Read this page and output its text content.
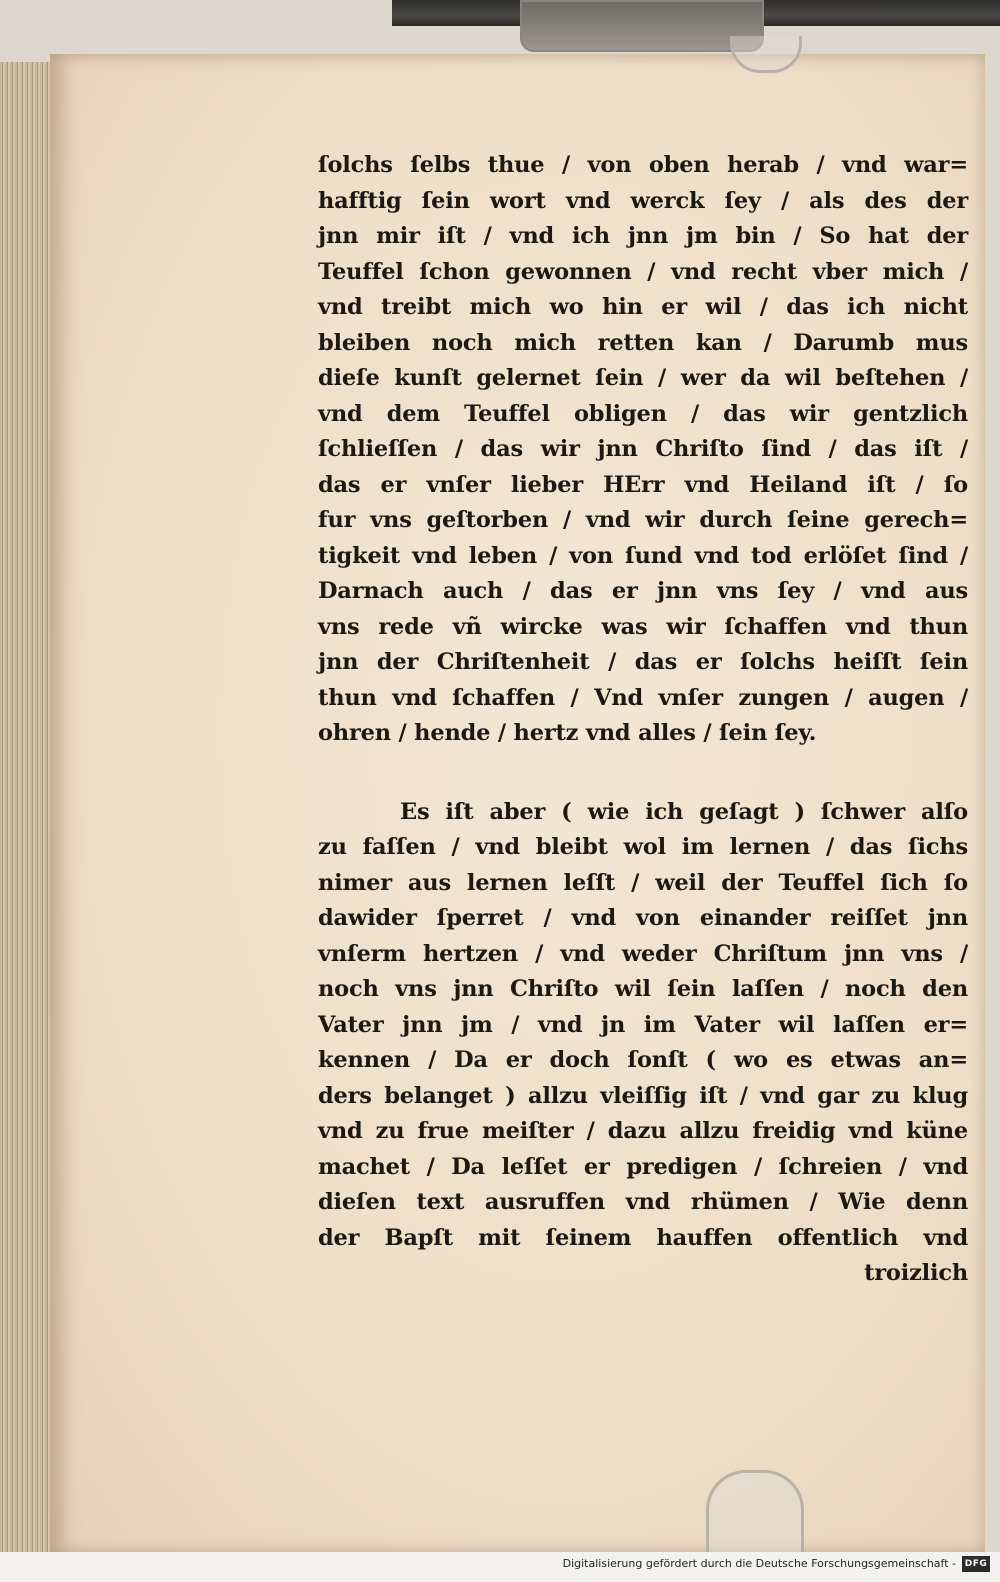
ſolchs ſelbs thue / von oben herab / vnd war=
hafftig ſein wort vnd werck ſey / als des der
jnn mir iſt / vnd ich jnn jm bin / So hat der
Teuffel ſchon gewonnen / vnd recht vber mich /
vnd treibt mich wo hin er wil / das ich nicht
bleiben noch mich retten kan / Darumb mus
dieſe kunſt gelernet ſein / wer da wil beſtehen /
vnd dem Teuffel obligen / das wir gentzlich
ſchlieſſen / das wir jnn Chriſto ſind / das iſt /
das er vnſer lieber HErr vnd Heiland iſt / ſo
fur vns geſtorben / vnd wir durch ſeine gerech=
tigkeit vnd leben / von ſund vnd tod erlöſet ſind /
Darnach auch / das er jnn vns ſey / vnd aus
vns rede vñ wircke was wir ſchaffen vnd thun
jnn der Chriſtenheit / das er ſolchs heiſſt ſein
thun vnd ſchaffen / Vnd vnſer zungen / augen /
ohren / hende / hertz vnd alles / ſein ſey.
Es iſt aber ( wie ich geſagt ) ſchwer alſo
zu faſſen / vnd bleibt wol im lernen / das ſichs
nimer aus lernen leſſt / weil der Teuffel ſich ſo
dawider ſperret / vnd von einander reiſſet jnn
vnſerm hertzen / vnd weder Chriſtum jnn vns /
noch vns jnn Chriſto wil ſein laſſen / noch den
Vater jnn jm / vnd jn im Vater wil laſſen er=
kennen / Da er doch ſonſt ( wo es etwas an=
ders belanget ) allzu vleiſſig iſt / vnd gar zu klug
vnd zu frue meiſter / dazu allzu freidig vnd küne
machet / Da leſſet er predigen / ſchreien / vnd
dieſen text ausruffen vnd rhümen / Wie denn
der Bapſt mit ſeinem hauffen offentlich vnd
troizlich
Digitalisierung gefördert durch die Deutsche Forschungsgemeinschaft - DFG
